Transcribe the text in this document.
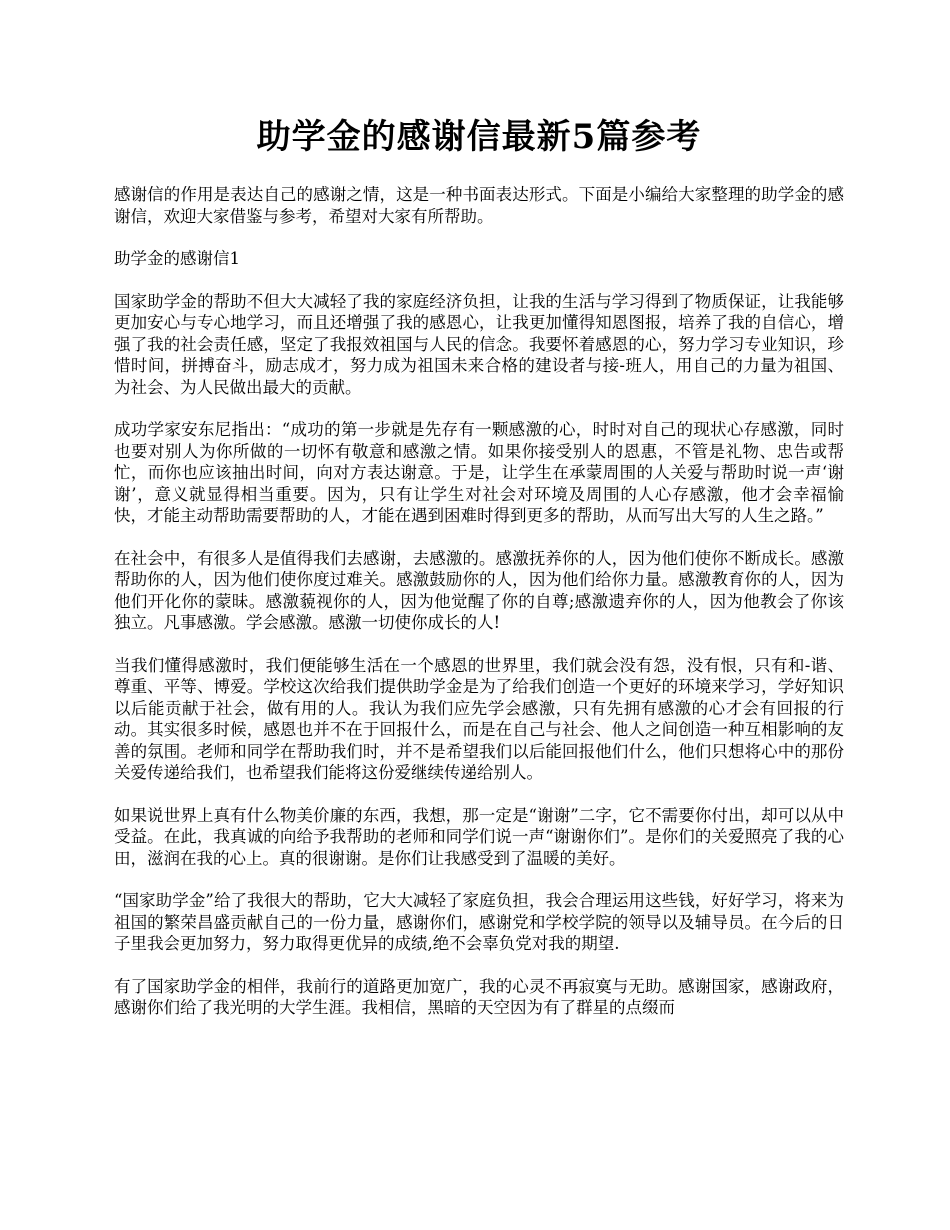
助学金的感谢信最新5篇参考

感谢信的作用是表达自己的感谢之情，这是一种书面表达形式。下面是小编给大家整理的助学金的感谢信，欢迎大家借鉴与参考，希望对大家有所帮助。

助学金的感谢信1

国家助学金的帮助不但大大减轻了我的家庭经济负担，让我的生活与学习得到了物质保证，让我能够更加安心与专心地学习，而且还增强了我的感恩心，让我更加懂得知恩图报，培养了我的自信心，增强了我的社会责任感，坚定了我报效祖国与人民的信念。我要怀着感恩的心，努力学习专业知识，珍惜时间，拼搏奋斗，励志成才，努力成为祖国未来合格的建设者与接-班人，用自己的力量为祖国、为社会、为人民做出最大的贡献。

成功学家安东尼指出：“成功的第一步就是先存有一颗感激的心，时时对自己的现状心存感激，同时也要对别人为你所做的一切怀有敬意和感激之情。如果你接受别人的恩惠，不管是礼物、忠告或帮忙，而你也应该抽出时间，向对方表达谢意。于是，让学生在承蒙周围的人关爱与帮助时说一声‘谢谢’，意义就显得相当重要。因为，只有让学生对社会对环境及周围的人心存感激，他才会幸福愉快，才能主动帮助需要帮助的人，才能在遇到困难时得到更多的帮助，从而写出大写的人生之路。”

在社会中，有很多人是值得我们去感谢，去感激的。感激抚养你的人，因为他们使你不断成长。感激帮助你的人，因为他们使你度过难关。感激鼓励你的人，因为他们给你力量。感激教育你的人，因为他们开化你的蒙昧。感激藐视你的人，因为他觉醒了你的自尊;感激遗弃你的人，因为他教会了你该独立。凡事感激。学会感激。感激一切使你成长的人!

当我们懂得感激时，我们便能够生活在一个感恩的世界里，我们就会没有怨，没有恨，只有和-谐、尊重、平等、博爱。学校这次给我们提供助学金是为了给我们创造一个更好的环境来学习，学好知识以后能贡献于社会，做有用的人。我认为我们应先学会感激，只有先拥有感激的心才会有回报的行动。其实很多时候，感恩也并不在于回报什么，而是在自己与社会、他人之间创造一种互相影响的友善的氛围。老师和同学在帮助我们时，并不是希望我们以后能回报他们什么，他们只想将心中的那份关爱传递给我们，也希望我们能将这份爱继续传递给别人。

如果说世界上真有什么物美价廉的东西，我想，那一定是“谢谢”二字，它不需要你付出，却可以从中受益。在此，我真诚的向给予我帮助的老师和同学们说一声“谢谢你们”。是你们的关爱照亮了我的心田，滋润在我的心上。真的很谢谢。是你们让我感受到了温暖的美好。

“国家助学金”给了我很大的帮助，它大大减轻了家庭负担，我会合理运用这些钱，好好学习，将来为祖国的繁荣昌盛贡献自己的一份力量，感谢你们，感谢党和学校学院的领导以及辅导员。在今后的日子里我会更加努力，努力取得更优异的成绩,绝不会辜负党对我的期望.

有了国家助学金的相伴，我前行的道路更加宽广，我的心灵不再寂寞与无助。感谢国家，感谢政府，感谢你们给了我光明的大学生涯。我相信，黑暗的天空因为有了群星的点缀而
